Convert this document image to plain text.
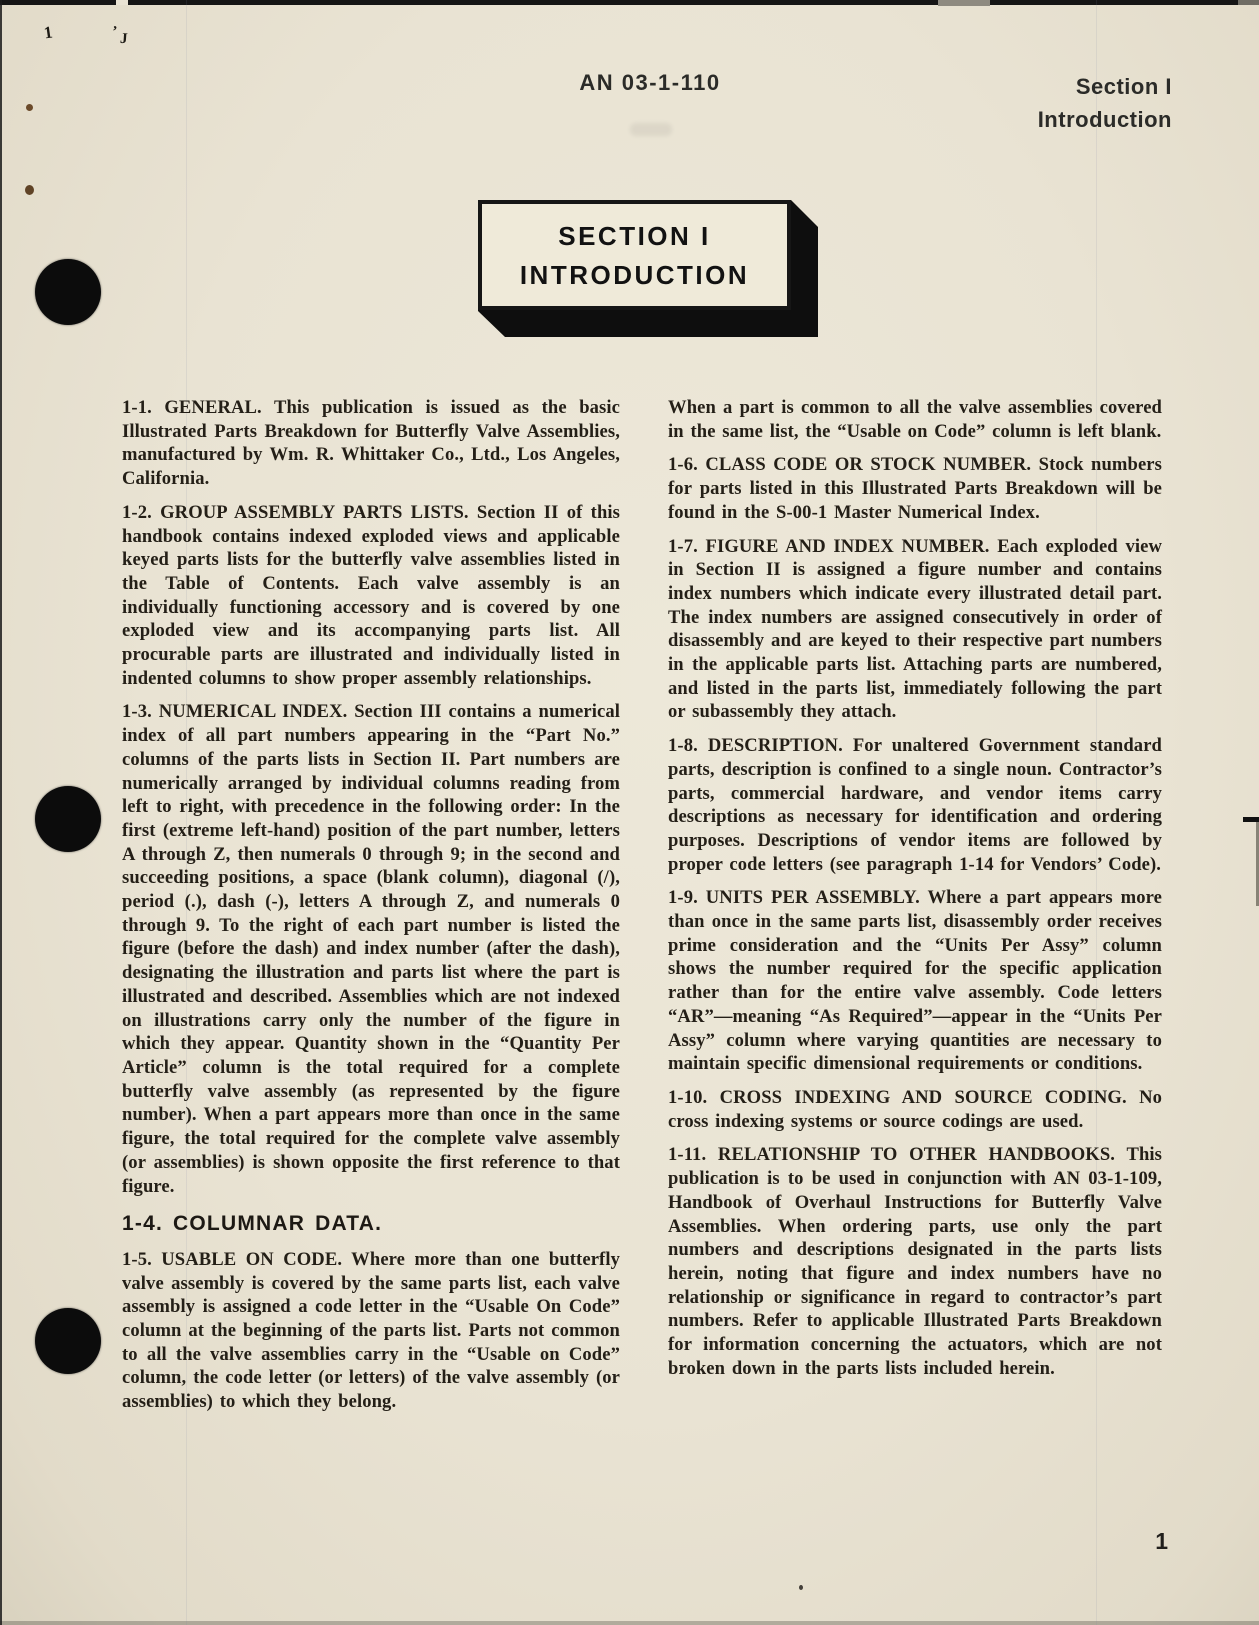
1	’ J
AN 03-1-110	Section I
Introduction
SECTION I
INTRODUCTION

1-1. GENERAL. This publication is issued as the basic Illustrated Parts Breakdown for Butterfly Valve Assemblies, manufactured by Wm. R. Whittaker Co., Ltd., Los Angeles, California.

1-2. GROUP ASSEMBLY PARTS LISTS. Section II of this handbook contains indexed exploded views and applicable keyed parts lists for the butterfly valve assemblies listed in the Table of Contents. Each valve assembly is an individually functioning accessory and is covered by one exploded view and its accompanying parts list. All procurable parts are illustrated and individually listed in indented columns to show proper assembly relationships.

1-3. NUMERICAL INDEX. Section III contains a numerical index of all part numbers appearing in the “Part No.” columns of the parts lists in Section II. Part numbers are numerically arranged by individual columns reading from left to right, with precedence in the following order: In the first (extreme left-hand) position of the part number, letters A through Z, then numerals 0 through 9; in the second and succeeding positions, a space (blank column), diagonal (/), period (.), dash (-), letters A through Z, and numerals 0 through 9. To the right of each part number is listed the figure (before the dash) and index number (after the dash), designating the illustration and parts list where the part is illustrated and described. Assemblies which are not indexed on illustrations carry only the number of the figure in which they appear. Quantity shown in the “Quantity Per Article” column is the total required for a complete butterfly valve assembly (as represented by the figure number). When a part appears more than once in the same figure, the total required for the complete valve assembly (or assemblies) is shown opposite the first reference to that figure.

1-4. COLUMNAR DATA.

1-5. USABLE ON CODE. Where more than one butterfly valve assembly is covered by the same parts list, each valve assembly is assigned a code letter in the “Usable On Code” column at the beginning of the parts list. Parts not common to all the valve assemblies carry in the “Usable on Code” column, the code letter (or letters) of the valve assembly (or assemblies) to which they belong.

When a part is common to all the valve assemblies covered in the same list, the “Usable on Code” column is left blank.

1-6. CLASS CODE OR STOCK NUMBER. Stock numbers for parts listed in this Illustrated Parts Breakdown will be found in the S-00-1 Master Numerical Index.

1-7. FIGURE AND INDEX NUMBER. Each exploded view in Section II is assigned a figure number and contains index numbers which indicate every illustrated detail part. The index numbers are assigned consecutively in order of disassembly and are keyed to their respective part numbers in the applicable parts list. Attaching parts are numbered, and listed in the parts list, immediately following the part or subassembly they attach.

1-8. DESCRIPTION. For unaltered Government standard parts, description is confined to a single noun. Contractor’s parts, commercial hardware, and vendor items carry descriptions as necessary for identification and ordering purposes. Descriptions of vendor items are followed by proper code letters (see paragraph 1-14 for Vendors’ Code).

1-9. UNITS PER ASSEMBLY. Where a part appears more than once in the same parts list, disassembly order receives prime consideration and the “Units Per Assy” column shows the number required for the specific application rather than for the entire valve assembly. Code letters “AR”—meaning “As Required”—appear in the “Units Per Assy” column where varying quantities are necessary to maintain specific dimensional requirements or conditions.

1-10. CROSS INDEXING AND SOURCE CODING. No cross indexing systems or source codings are used.

1-11. RELATIONSHIP TO OTHER HANDBOOKS. This publication is to be used in conjunction with AN 03-1-109, Handbook of Overhaul Instructions for Butterfly Valve Assemblies. When ordering parts, use only the part numbers and descriptions designated in the parts lists herein, noting that figure and index numbers have no relationship or significance in regard to contractor’s part numbers. Refer to applicable Illustrated Parts Breakdown for information concerning the actuators, which are not broken down in the parts lists included herein.

1
